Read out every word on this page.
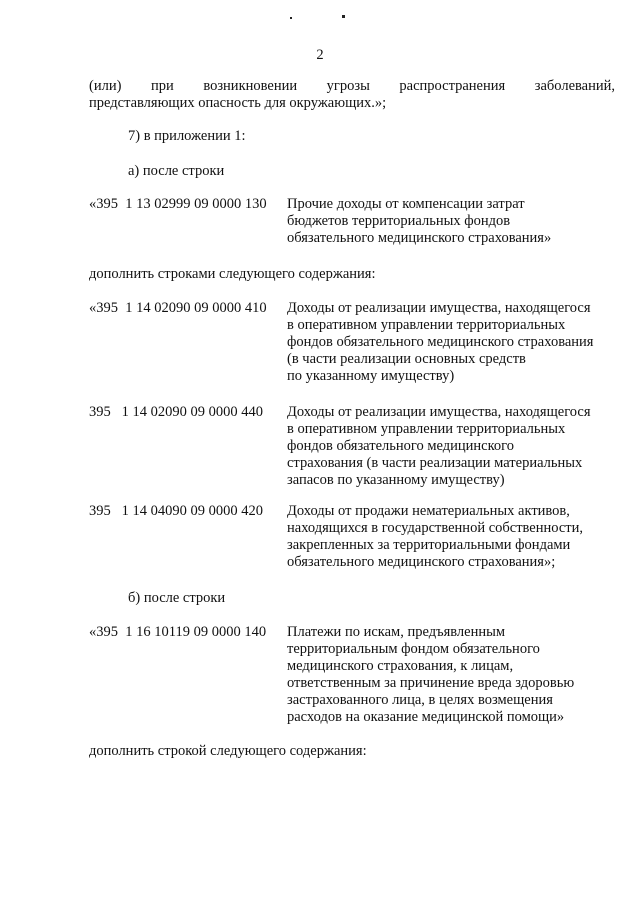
2
(или) при возникновении угрозы распространения заболеваний,
представляющих опасность для окружающих.»;
7) в приложении 1:
а) после строки
«395  1 13 02999 09 0000 130 Прочие доходы от компенсации затрат
бюджетов территориальных фондов
обязательного медицинского страхования»
дополнить строками следующего содержания:
«395  1 14 02090 09 0000 410 Доходы от реализации имущества, находящегося
в оперативном управлении территориальных
фондов обязательного медицинского страхования
(в части реализации основных средств
по указанному имуществу)
395   1 14 02090 09 0000 440 Доходы от реализации имущества, находящегося
в оперативном управлении территориальных
фондов обязательного медицинского
страхования (в части реализации материальных
запасов по указанному имуществу)
395   1 14 04090 09 0000 420 Доходы от продажи нематериальных активов,
находящихся в государственной собственности,
закрепленных за территориальными фондами
обязательного медицинского страхования»;
б) после строки
«395  1 16 10119 09 0000 140 Платежи по искам, предъявленным
территориальным фондом обязательного
медицинского страхования, к лицам,
ответственным за причинение вреда здоровью
застрахованного лица, в целях возмещения
расходов на оказание медицинской помощи»
дополнить строкой следующего содержания:
